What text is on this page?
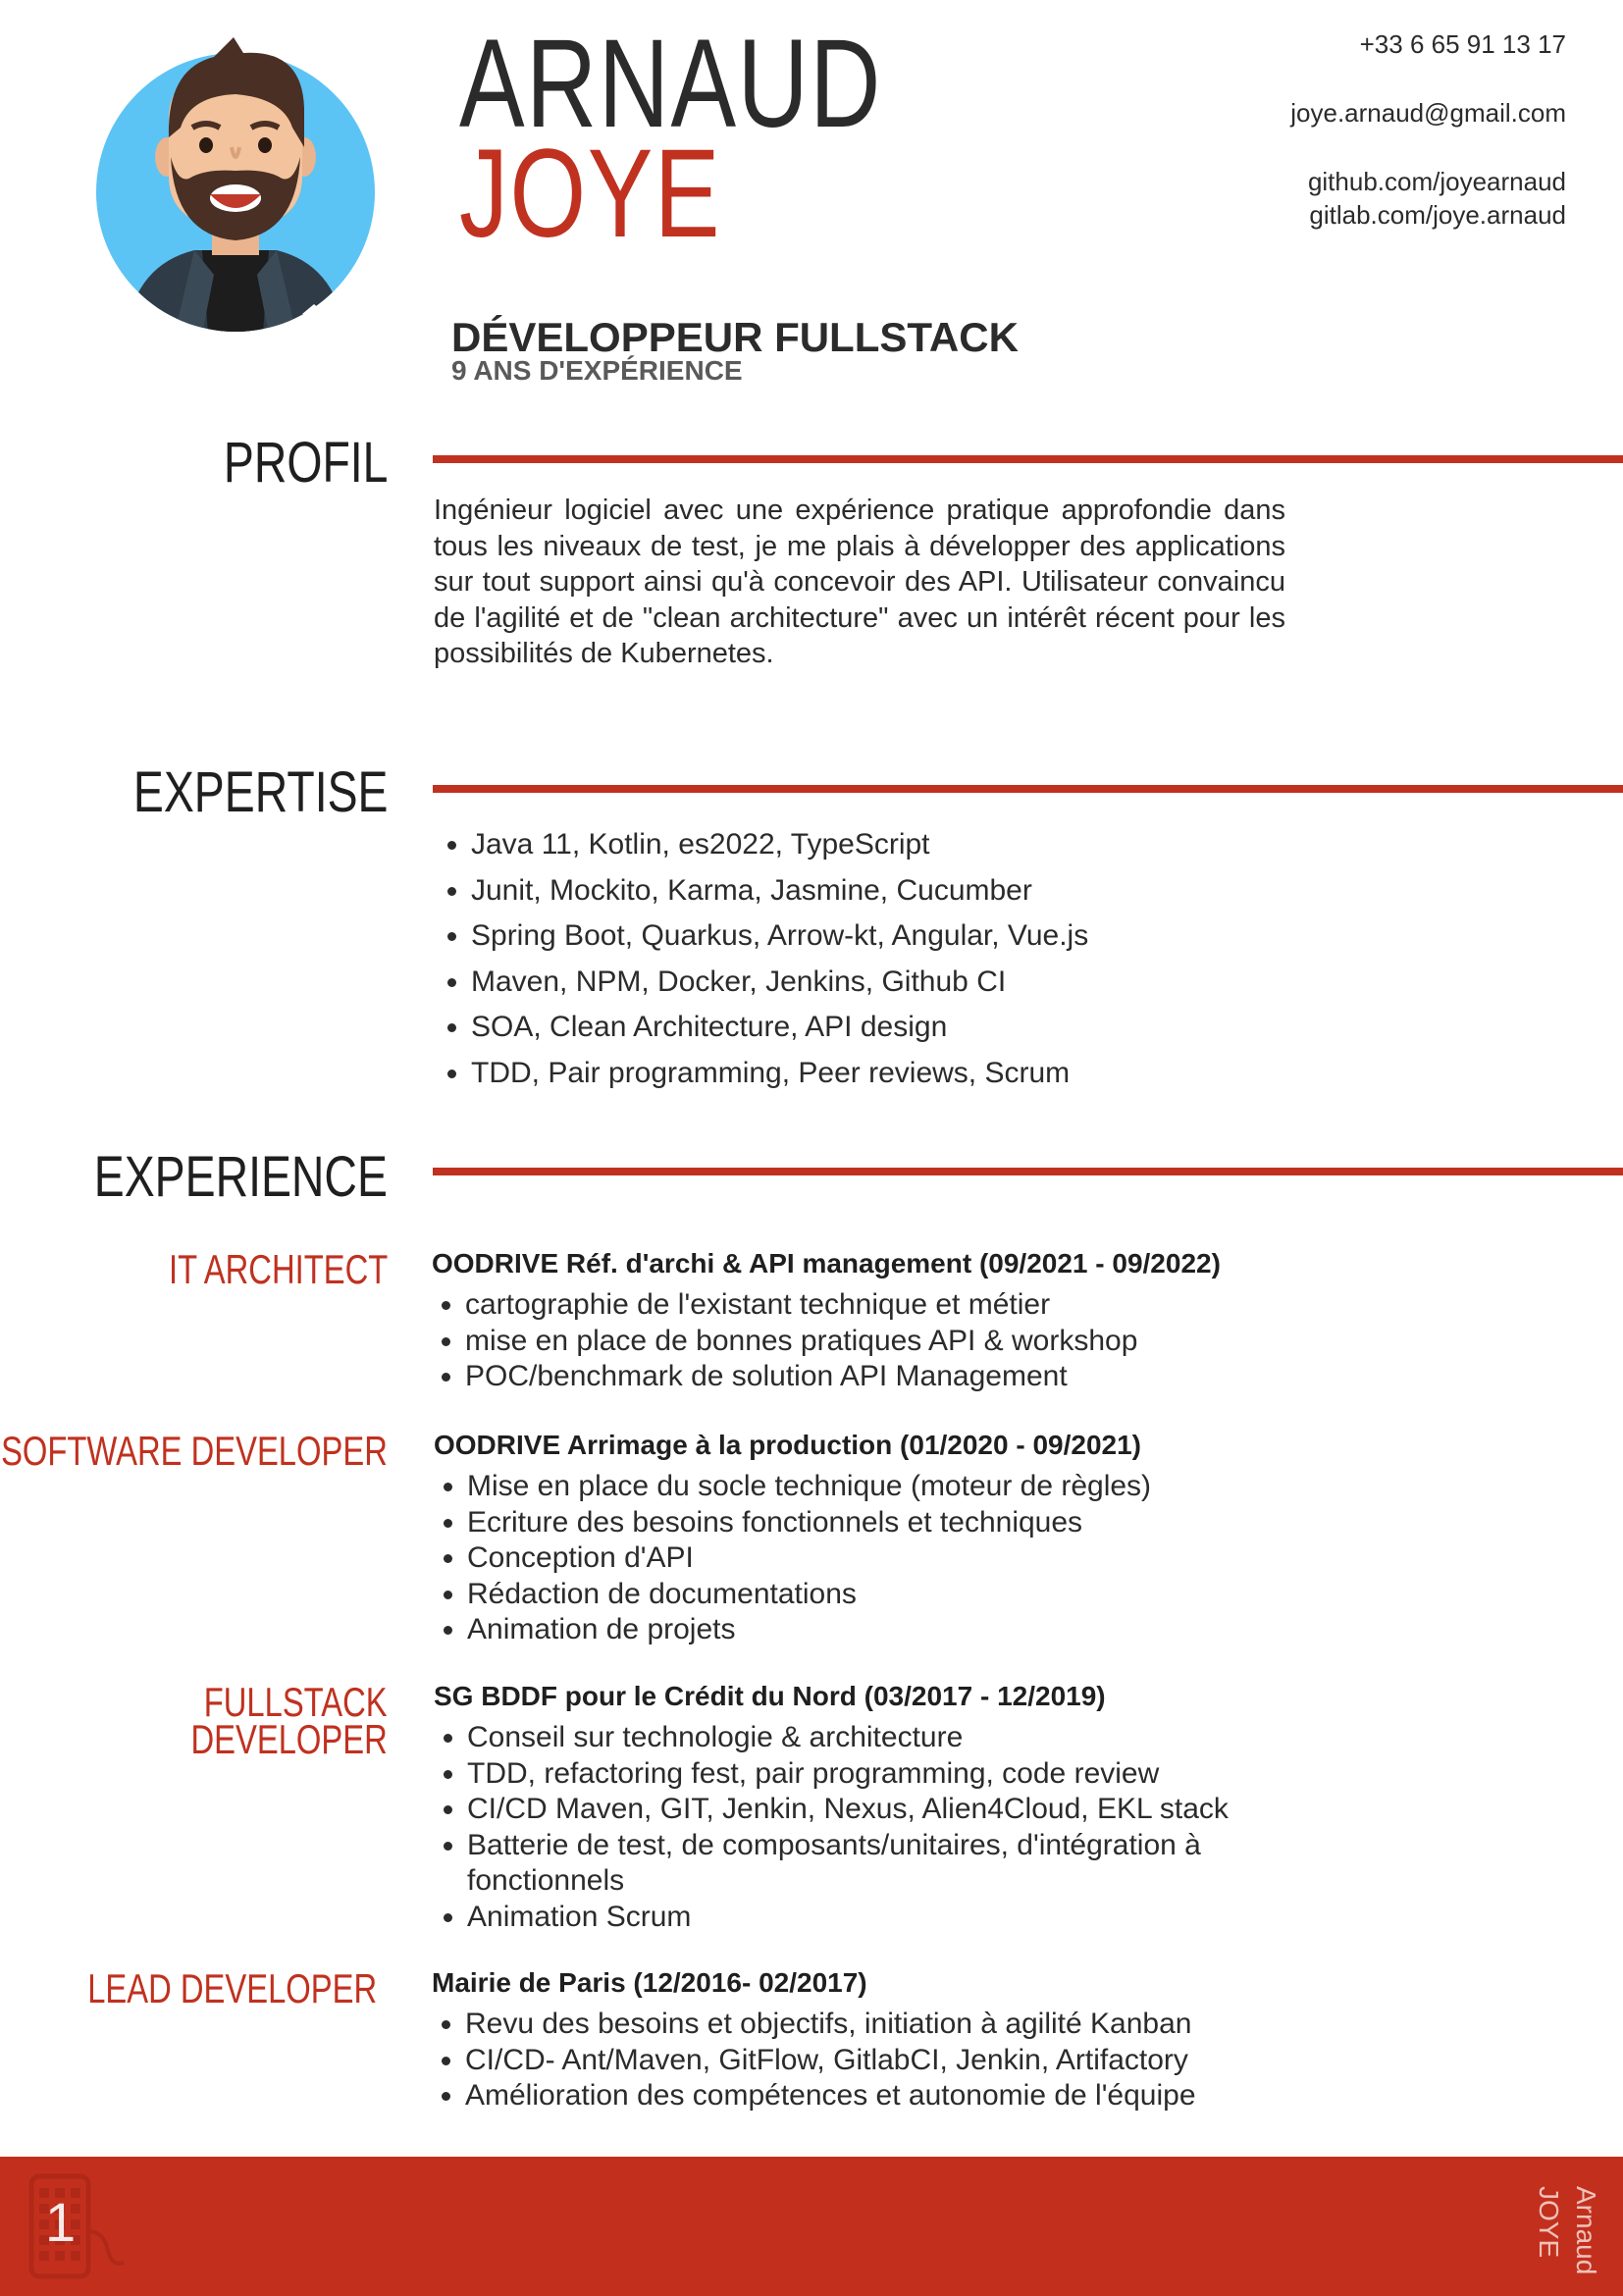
ARNAUD
JOYE
+33 6 65 91 13 17
joye.arnaud@gmail.com
github.com/joyearnaud
gitlab.com/joye.arnaud
DÉVELOPPEUR FULLSTACK
9 ANS D'EXPÉRIENCE
PROFIL
Ingénieur logiciel avec une expérience pratique approfondie dans tous les niveaux de test, je me plais à développer des applications sur tout support ainsi qu'à concevoir des API. Utilisateur convaincu de l'agilité et de "clean architecture" avec un intérêt récent pour les possibilités de Kubernetes.
EXPERTISE
• Java 11, Kotlin, es2022, TypeScript
• Junit, Mockito, Karma, Jasmine, Cucumber
• Spring Boot, Quarkus, Arrow-kt, Angular, Vue.js
• Maven, NPM, Docker, Jenkins, Github CI
• SOA, Clean Architecture, API design
• TDD, Pair programming, Peer reviews, Scrum
EXPERIENCE
IT ARCHITECT OODRIVE Réf. d'archi & API management (09/2021 - 09/2022)
• cartographie de l'existant technique et métier
• mise en place de bonnes pratiques API & workshop
• POC/benchmark de solution API Management
SOFTWARE DEVELOPER OODRIVE Arrimage à la production (01/2020 - 09/2021)
• Mise en place du socle technique (moteur de règles)
• Ecriture des besoins fonctionnels et techniques
• Conception d'API
• Rédaction de documentations
• Animation de projets
FULLSTACK
DEVELOPER
SG BDDF pour le Crédit du Nord (03/2017 - 12/2019)
• Conseil sur technologie & architecture
• TDD, refactoring fest, pair programming, code review
• CI/CD Maven, GIT, Jenkin, Nexus, Alien4Cloud, EKL stack
• Batterie de test, de composants/unitaires, d'intégration à fonctionnels
• Animation Scrum
LEAD DEVELOPER Mairie de Paris (12/2016- 02/2017)
• Revu des besoins et objectifs, initiation à agilité Kanban
• CI/CD- Ant/Maven, GitFlow, GitlabCI, Jenkin, Artifactory
• Amélioration des compétences et autonomie de l'équipe
1	Arnaud
JOYE
